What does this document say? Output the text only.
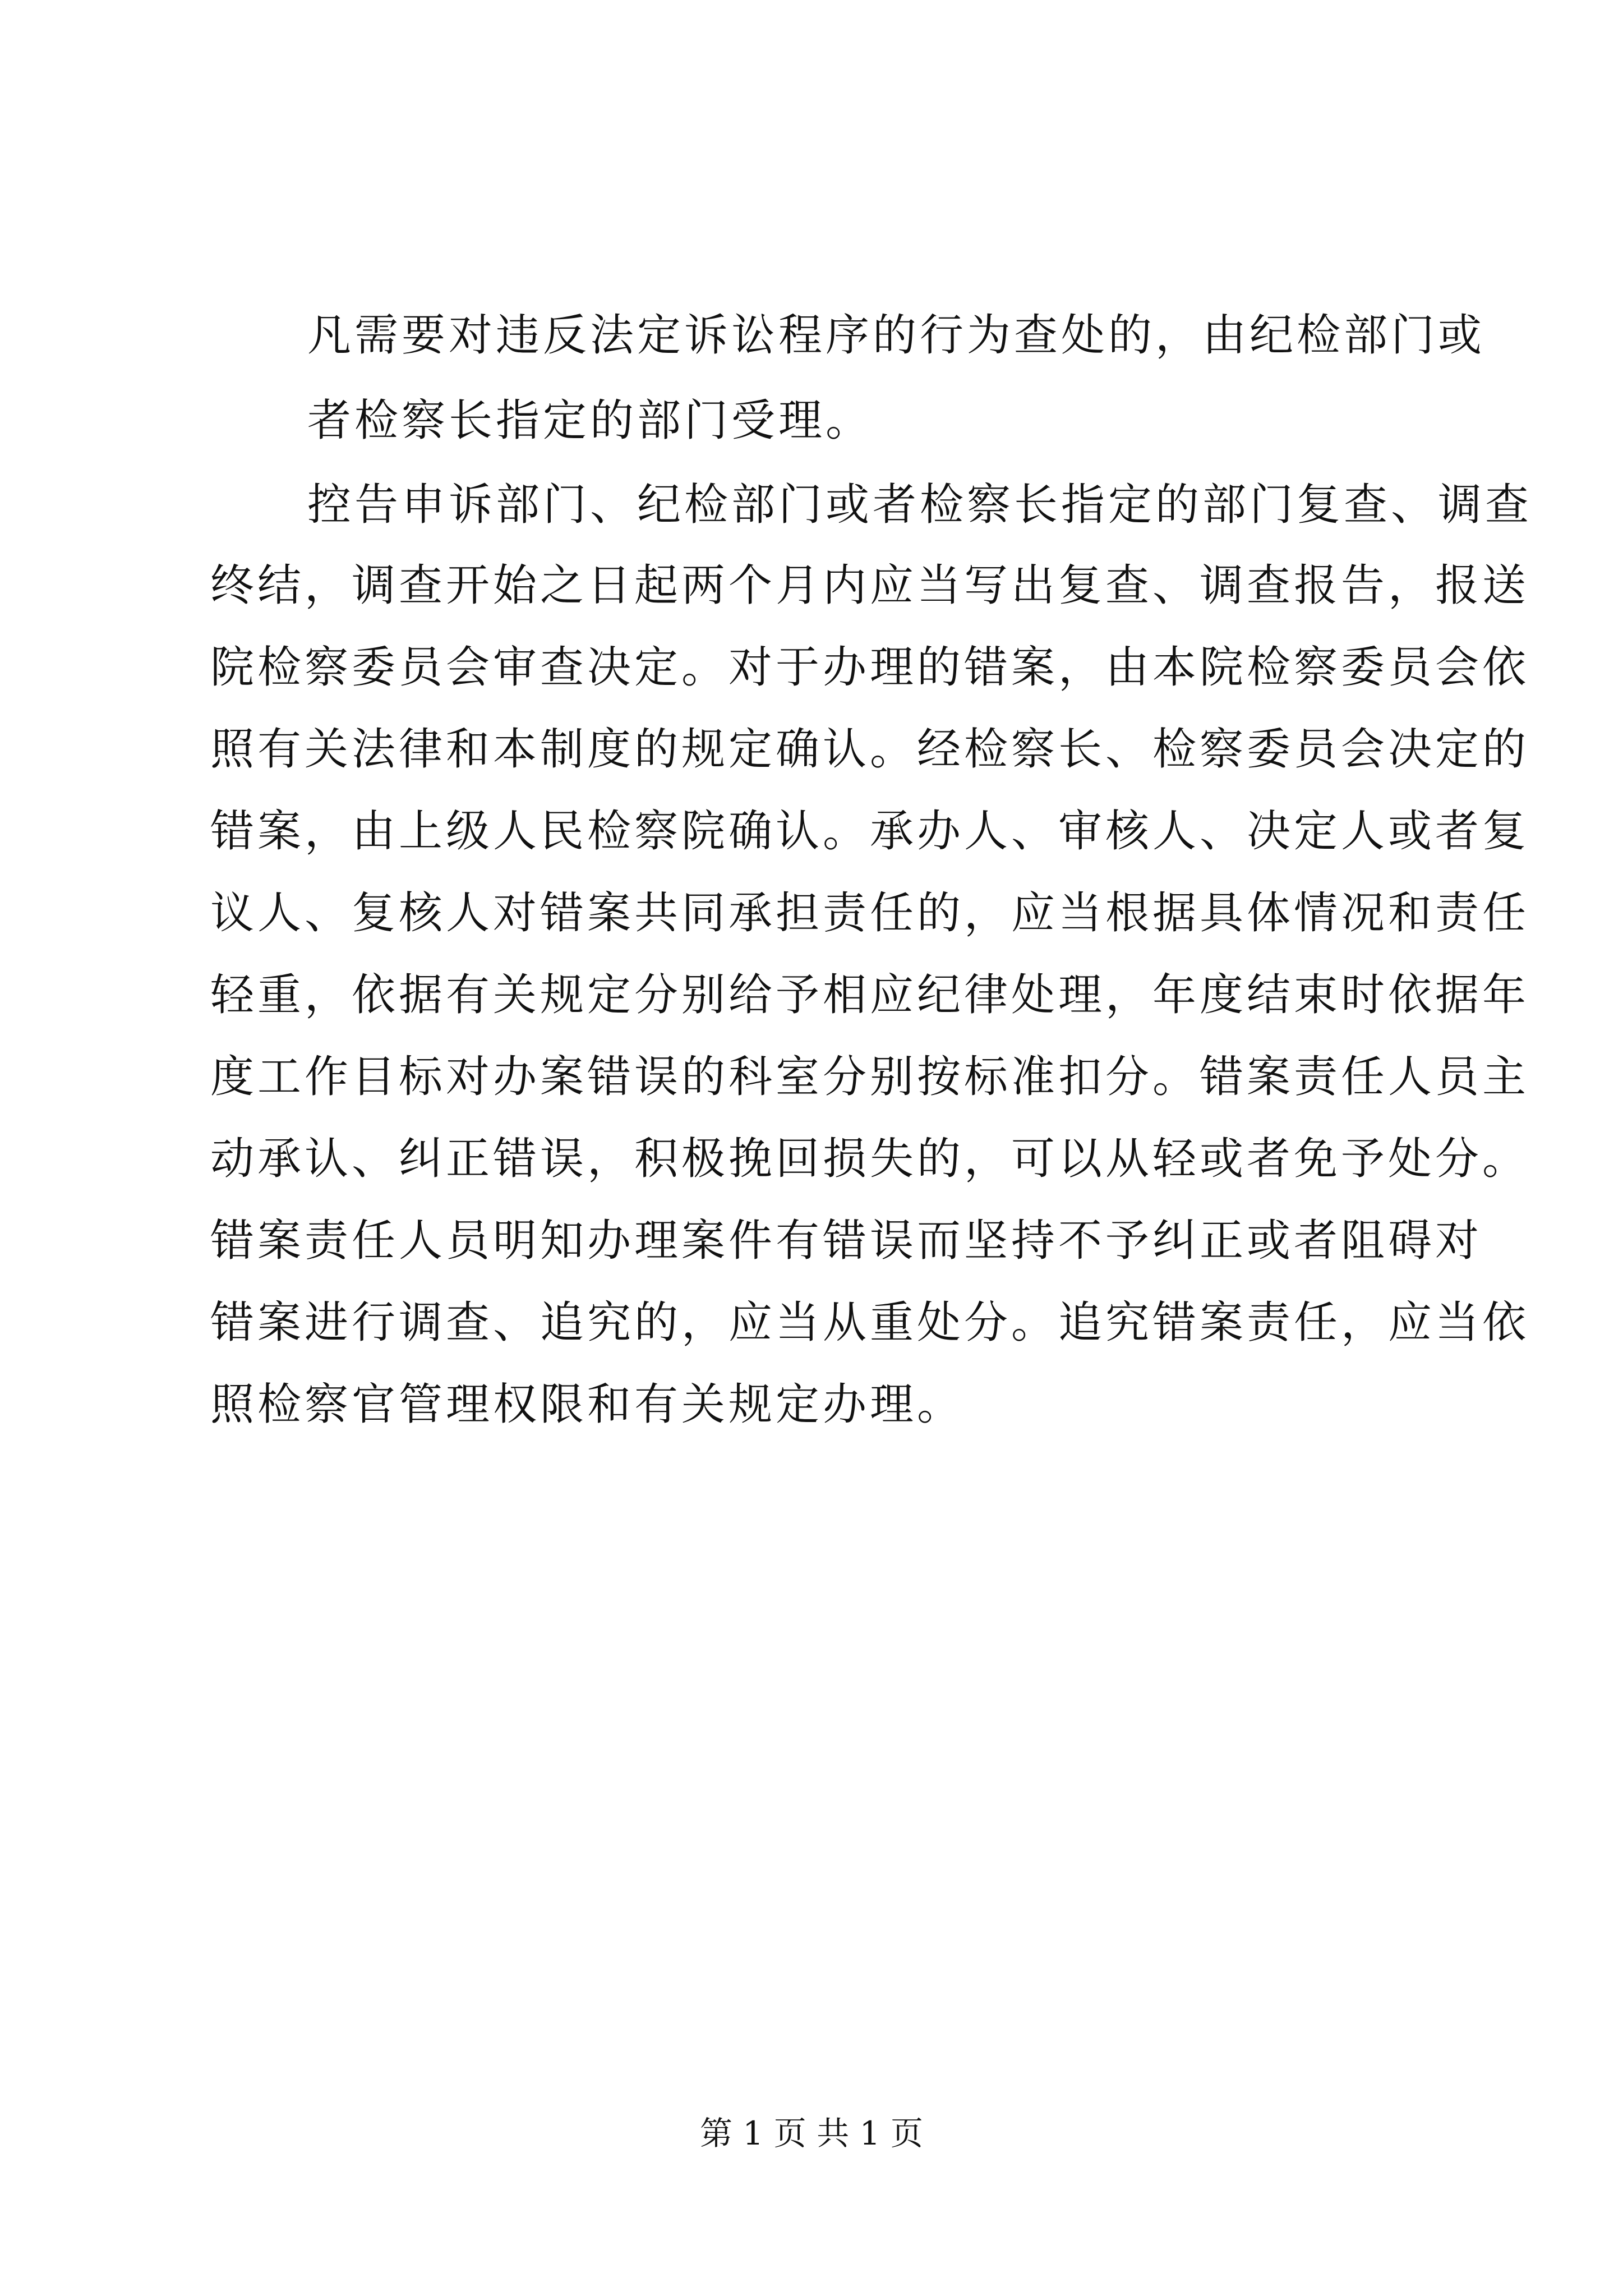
凡需要对违反法定诉讼程序的行为查处的，由纪检部门或
者检察长指定的部门受理。
控告申诉部门、纪检部门或者检察长指定的部门复查、调查
终结，调查开始之日起两个月内应当写出复查、调查报告，报送
院检察委员会审查决定。对于办理的错案，由本院检察委员会依
照有关法律和本制度的规定确认。经检察长、检察委员会决定的
错案，由上级人民检察院确认。承办人、审核人、决定人或者复
议人、复核人对错案共同承担责任的，应当根据具体情况和责任
轻重，依据有关规定分别给予相应纪律处理，年度结束时依据年
度工作目标对办案错误的科室分别按标准扣分。错案责任人员主
动承认、纠正错误，积极挽回损失的，可以从轻或者免予处分。
错案责任人员明知办理案件有错误而坚持不予纠正或者阻碍对
错案进行调查、追究的，应当从重处分。追究错案责任，应当依
照检察官管理权限和有关规定办理。
第 1 页 共 1 页
